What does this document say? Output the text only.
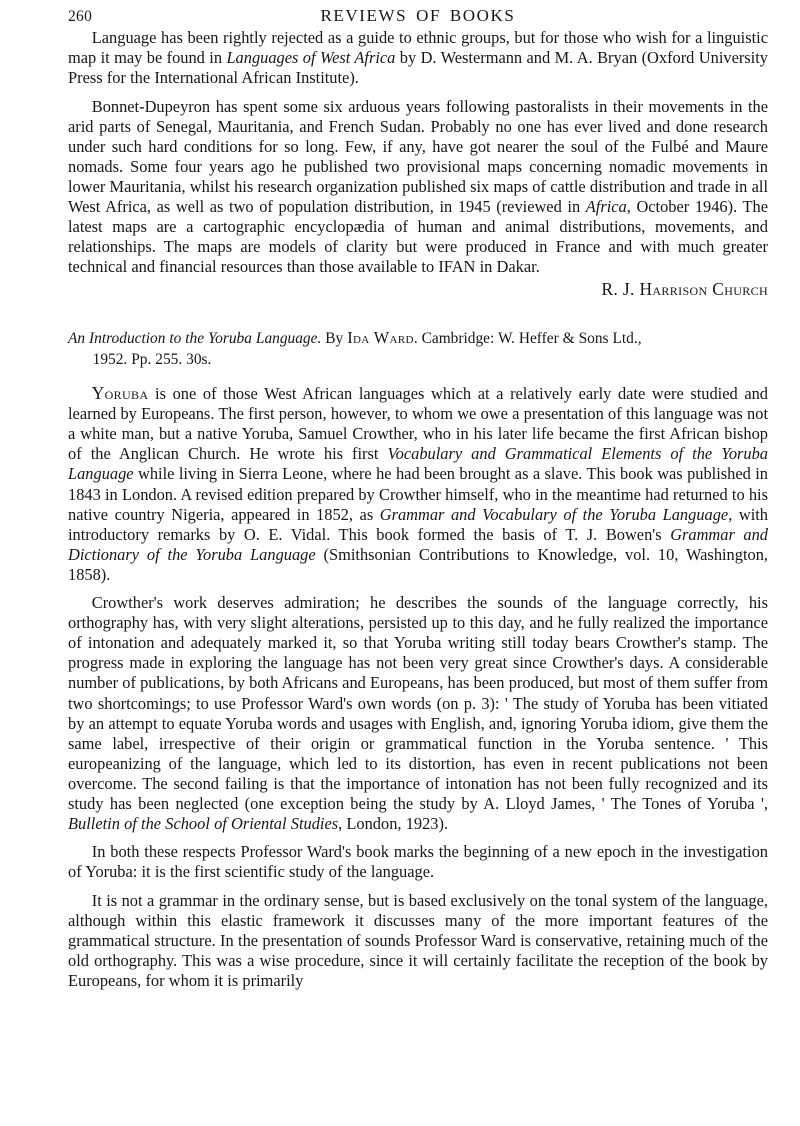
260	REVIEWS OF BOOKS

Language has been rightly rejected as a guide to ethnic groups, but for those who wish for a linguistic map it may be found in Languages of West Africa by D. Westermann and M. A. Bryan (Oxford University Press for the International African Institute).

Bonnet-Dupeyron has spent some six arduous years following pastoralists in their movements in the arid parts of Senegal, Mauritania, and French Sudan. Probably no one has ever lived and done research under such hard conditions for so long. Few, if any, have got nearer the soul of the Fulbé and Maure nomads. Some four years ago he published two provisional maps concerning nomadic movements in lower Mauritania, whilst his research organization published six maps of cattle distribution and trade in all West Africa, as well as two of population distribution, in 1945 (reviewed in Africa, October 1946). The latest maps are a cartographic encyclopædia of human and animal distributions, movements, and relationships. The maps are models of clarity but were produced in France and with much greater technical and financial resources than those available to IFAN in Dakar.

R. J. Harrison Church

An Introduction to the Yoruba Language. By Ida Ward. Cambridge: W. Heffer & Sons Ltd.,
1952. Pp. 255. 30s.

Yoruba is one of those West African languages which at a relatively early date were studied and learned by Europeans. The first person, however, to whom we owe a presentation of this language was not a white man, but a native Yoruba, Samuel Crowther, who in his later life became the first African bishop of the Anglican Church. He wrote his first Vocabulary and Grammatical Elements of the Yoruba Language while living in Sierra Leone, where he had been brought as a slave. This book was published in 1843 in London. A revised edition prepared by Crowther himself, who in the meantime had returned to his native country Nigeria, appeared in 1852, as Grammar and Vocabulary of the Yoruba Language, with introductory remarks by O. E. Vidal. This book formed the basis of T. J. Bowen's Grammar and Dictionary of the Yoruba Language (Smithsonian Contributions to Knowledge, vol. 10, Washington, 1858).

Crowther's work deserves admiration; he describes the sounds of the language correctly, his orthography has, with very slight alterations, persisted up to this day, and he fully realized the importance of intonation and adequately marked it, so that Yoruba writing still today bears Crowther's stamp. The progress made in exploring the language has not been very great since Crowther's days. A considerable number of publications, by both Africans and Europeans, has been produced, but most of them suffer from two shortcomings; to use Professor Ward's own words (on p. 3): ' The study of Yoruba has been vitiated by an attempt to equate Yoruba words and usages with English, and, ignoring Yoruba idiom, give them the same label, irrespective of their origin or grammatical function in the Yoruba sentence. ' This europeanizing of the language, which led to its distortion, has even in recent publications not been overcome. The second failing is that the importance of intonation has not been fully recognized and its study has been neglected (one exception being the study by A. Lloyd James, ' The Tones of Yoruba ', Bulletin of the School of Oriental Studies, London, 1923).

In both these respects Professor Ward's book marks the beginning of a new epoch in the investigation of Yoruba: it is the first scientific study of the language.

It is not a grammar in the ordinary sense, but is based exclusively on the tonal system of the language, although within this elastic framework it discusses many of the more important features of the grammatical structure. In the presentation of sounds Professor Ward is conservative, retaining much of the old orthography. This was a wise procedure, since it will certainly facilitate the reception of the book by Europeans, for whom it is primarily
